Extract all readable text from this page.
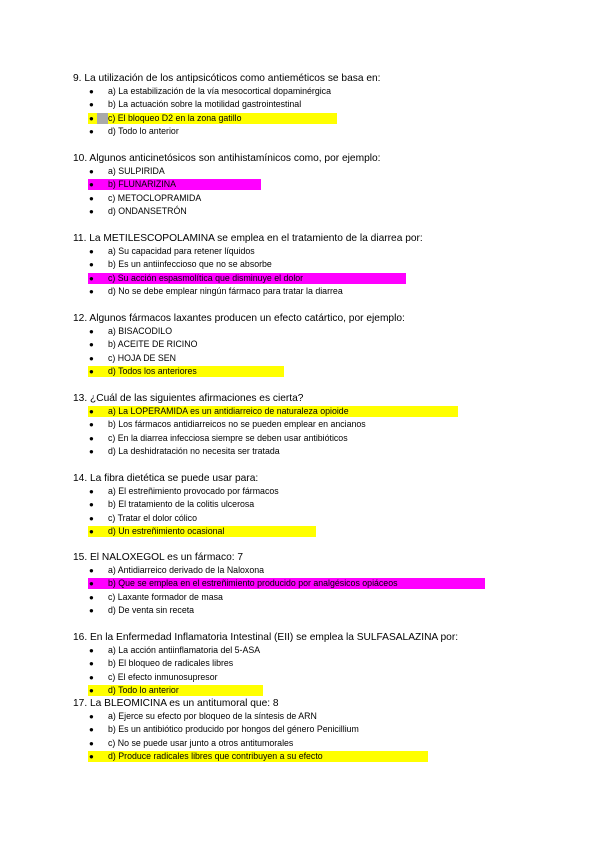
9. La utilización de los antipsicóticos como antieméticos se basa en:
● a) La estabilización de la vía mesocortical dopaminérgica
● b) La actuación sobre la motilidad gastrointestinal
● c) El bloqueo D2 en la zona gatillo
● d) Todo lo anterior
10. Algunos anticinetósicos son antihistamínicos como, por ejemplo:
● a) SULPIRIDA
● b) FLUNARIZINA
● c) METOCLOPRAMIDA
● d) ONDANSETRÓN
11. La METILESCOPOLAMINA se emplea en el tratamiento de la diarrea por:
● a) Su capacidad para retener líquidos
● b) Es un antiinfeccioso que no se absorbe
● c) Su acción espasmolítica que disminuye el dolor
● d) No se debe emplear ningún fármaco para tratar la diarrea
12. Algunos fármacos laxantes producen un efecto catártico, por ejemplo:
● a) BISACODILO
● b) ACEITE DE RICINO
● c) HOJA DE SEN
● d) Todos los anteriores
13. ¿Cuál de las siguientes afirmaciones es cierta?
● a) La LOPERAMIDA es un antidiarreico de naturaleza opioide
● b) Los fármacos antidiarreicos no se pueden emplear en ancianos
● c) En la diarrea infecciosa siempre se deben usar antibióticos
● d) La deshidratación no necesita ser tratada
14. La fibra dietética se puede usar para:
● a) El estreñimiento provocado por fármacos
● b) El tratamiento de la colitis ulcerosa
● c) Tratar el dolor cólico
● d) Un estreñimiento ocasional
15. El NALOXEGOL es un fármaco: 7
● a) Antidiarreico derivado de la Naloxona
● b) Que se emplea en el estreñimiento producido por analgésicos opiáceos
● c) Laxante formador de masa
● d) De venta sin receta
16. En la Enfermedad Inflamatoria Intestinal (EII) se emplea la SULFASALAZINA por:
● a) La acción antiinflamatoria del 5-ASA
● b) El bloqueo de radicales libres
● c) El efecto inmunosupresor
● d) Todo lo anterior
17. La BLEOMICINA es un antitumoral que: 8
● a) Ejerce su efecto por bloqueo de la síntesis de ARN
● b) Es un antibiótico producido por hongos del género Penicillium
● c) No se puede usar junto a otros antitumorales
● d) Produce radicales libres que contribuyen a su efecto
